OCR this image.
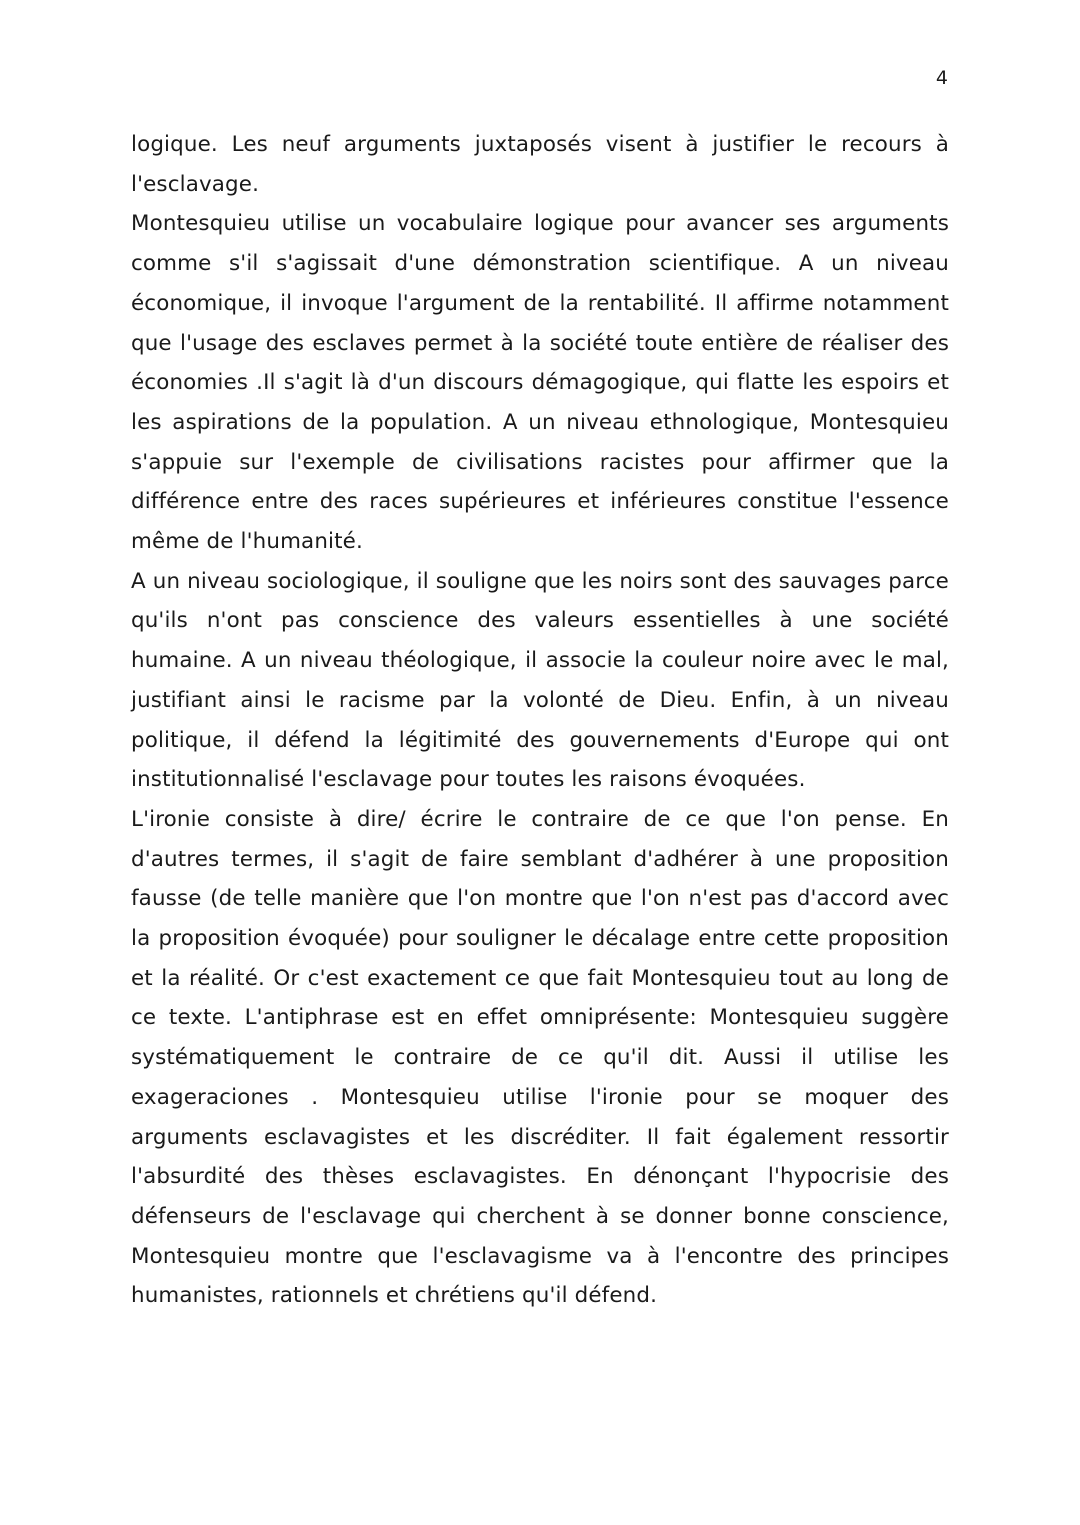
4

logique. Les neuf arguments juxtaposés visent à justifier le recours à l'esclavage.

Montesquieu utilise un vocabulaire logique pour avancer ses arguments comme s'il s'agissait d'une démonstration scientifique. A un niveau économique, il invoque l'argument de la rentabilité. Il affirme notamment que l'usage des esclaves permet à la société toute entière de réaliser des économies .Il s'agit là d'un discours démagogique, qui flatte les espoirs et les aspirations de la population. A un niveau ethnologique, Montesquieu s'appuie sur l'exemple de civilisations racistes pour affirmer que la différence entre des races supérieures et inférieures constitue l'essence même de l'humanité.

A un niveau sociologique, il souligne que les noirs sont des sauvages parce qu'ils n'ont pas conscience des valeurs essentielles à une société humaine. A un niveau théologique, il associe la couleur noire avec le mal, justifiant ainsi le racisme par la volonté de Dieu. Enfin, à un niveau politique, il défend la légitimité des gouvernements d'Europe qui ont institutionnalisé l'esclavage pour toutes les raisons évoquées.

L'ironie consiste à dire/ écrire le contraire de ce que l'on pense. En d'autres termes, il s'agit de faire semblant d'adhérer à une proposition fausse (de telle manière que l'on montre que l'on n'est pas d'accord avec la proposition évoquée) pour souligner le décalage entre cette proposition et la réalité. Or c'est exactement ce que fait Montesquieu tout au long de ce texte. L'antiphrase est en effet omniprésente: Montesquieu suggère systématiquement le contraire de ce qu'il dit. Aussi il utilise les exageraciones . Montesquieu utilise l'ironie pour se moquer des arguments esclavagistes et les discréditer. Il fait également ressortir l'absurdité des thèses esclavagistes. En dénonçant l'hypocrisie des défenseurs de l'esclavage qui cherchent à se donner bonne conscience, Montesquieu montre que l'esclavagisme va à l'encontre des principes humanistes, rationnels et chrétiens qu'il défend.
